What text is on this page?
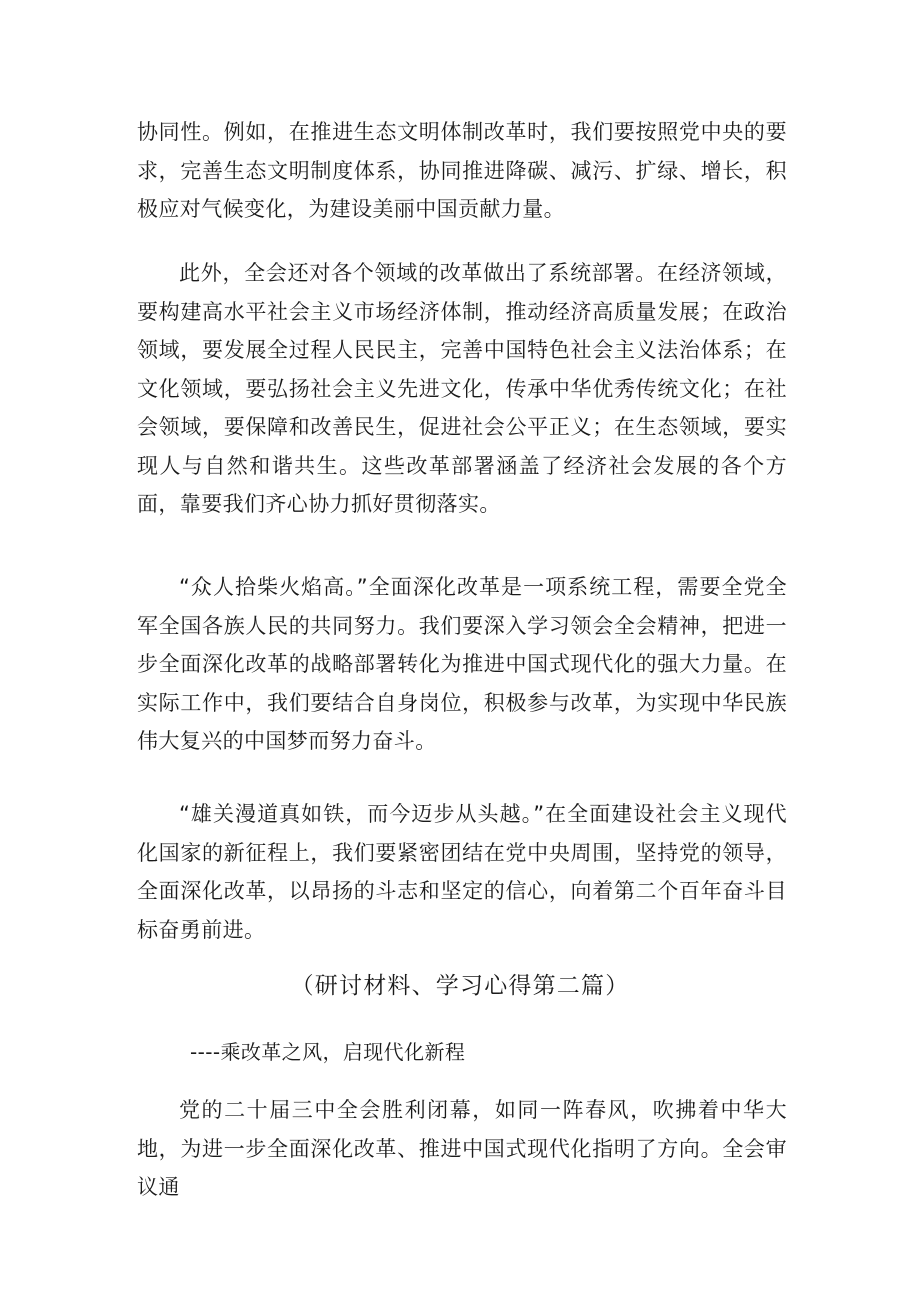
协同性。例如，在推进生态文明体制改革时，我们要按照党中央的要求，完善生态文明制度体系，协同推进降碳、减污、扩绿、增长，积极应对气候变化，为建设美丽中国贡献力量。

此外，全会还对各个领域的改革做出了系统部署。在经济领域，要构建高水平社会主义市场经济体制，推动经济高质量发展；在政治领域，要发展全过程人民民主，完善中国特色社会主义法治体系；在文化领域，要弘扬社会主义先进文化，传承中华优秀传统文化；在社会领域，要保障和改善民生，促进社会公平正义；在生态领域，要实现人与自然和谐共生。这些改革部署涵盖了经济社会发展的各个方面，靠要我们齐心协力抓好贯彻落实。

“众人拾柴火焰高。”全面深化改革是一项系统工程，需要全党全军全国各族人民的共同努力。我们要深入学习领会全会精神，把进一步全面深化改革的战略部署转化为推进中国式现代化的强大力量。在实际工作中，我们要结合自身岗位，积极参与改革，为实现中华民族伟大复兴的中国梦而努力奋斗。

“雄关漫道真如铁，而今迈步从头越。”在全面建设社会主义现代化国家的新征程上，我们要紧密团结在党中央周围，坚持党的领导，全面深化改革，以昂扬的斗志和坚定的信心，向着第二个百年奋斗目标奋勇前进。

（研讨材料、学习心得第二篇）

----乘改革之风，启现代化新程

党的二十届三中全会胜利闭幕，如同一阵春风，吹拂着中华大地，为进一步全面深化改革、推进中国式现代化指明了方向。全会审议通
